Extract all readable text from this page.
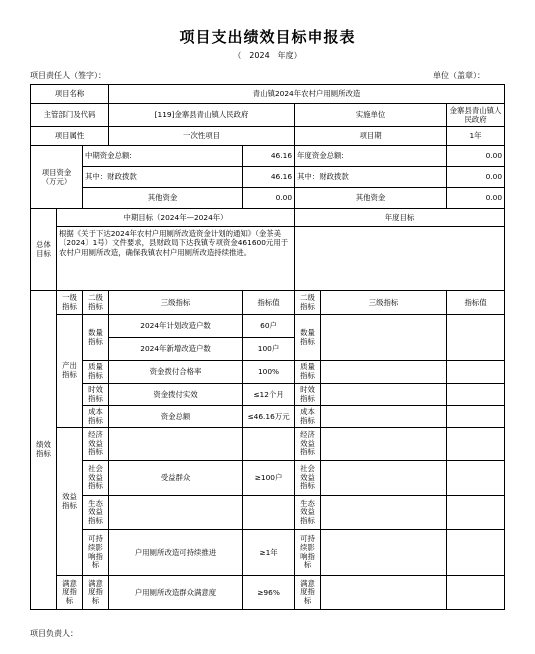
项目支出绩效目标申报表
（　2024　年度）
项目责任人（签字）：	单位（盖章）：
项目名称			青山镇2024年农村户用厕所改造				
主管部门及代码			[119]金寨县青山镇人民政府		实施单位		金寨县青山镇人民政府
项目属性			一次性项目		项目期		1年
项目资金
（万元）		中期资金总额:		46.16	年度资金总额:		0.00
		其中：财政拨款		46.16	其中：财政拨款		0.00
		其他资金		0.00	其他资金		0.00
总体目标	中期目标（2024年—2024年）				年度目标		
	根据《关于下达2024年农村户用厕所改造资金计划的通知》（金茶美〔2024〕1号）文件要求，县财政局下达我镇专项资金461600元用于农村户用厕所改造，确保我镇农村户用厕所改造持续推进。						
绩效指标	一级指标	二级指标	三级指标	指标值	二级指标	三级指标	指标值
	产出指标	数量指标	2024年计划改造户数	60户	数量指标		
			2024年新增改造户数	100户			
		质量指标	资金拨付合格率	100%	质量指标		
		时效指标	资金拨付实效	≤12个月	时效指标		
		成本指标	资金总额	≤46.16万元	成本指标		
	效益指标	经济效益指标			经济效益指标		
		社会效益指标	受益群众	≥100户	社会效益指标		
		生态效益指标			生态效益指标		
		可持续影响指标	户用厕所改造可持续推进	≥1年	可持续影响指标		
	满意度指标	满意度指标	户用厕所改造群众满意度	≥96%	满意度指标		
项目负责人：
